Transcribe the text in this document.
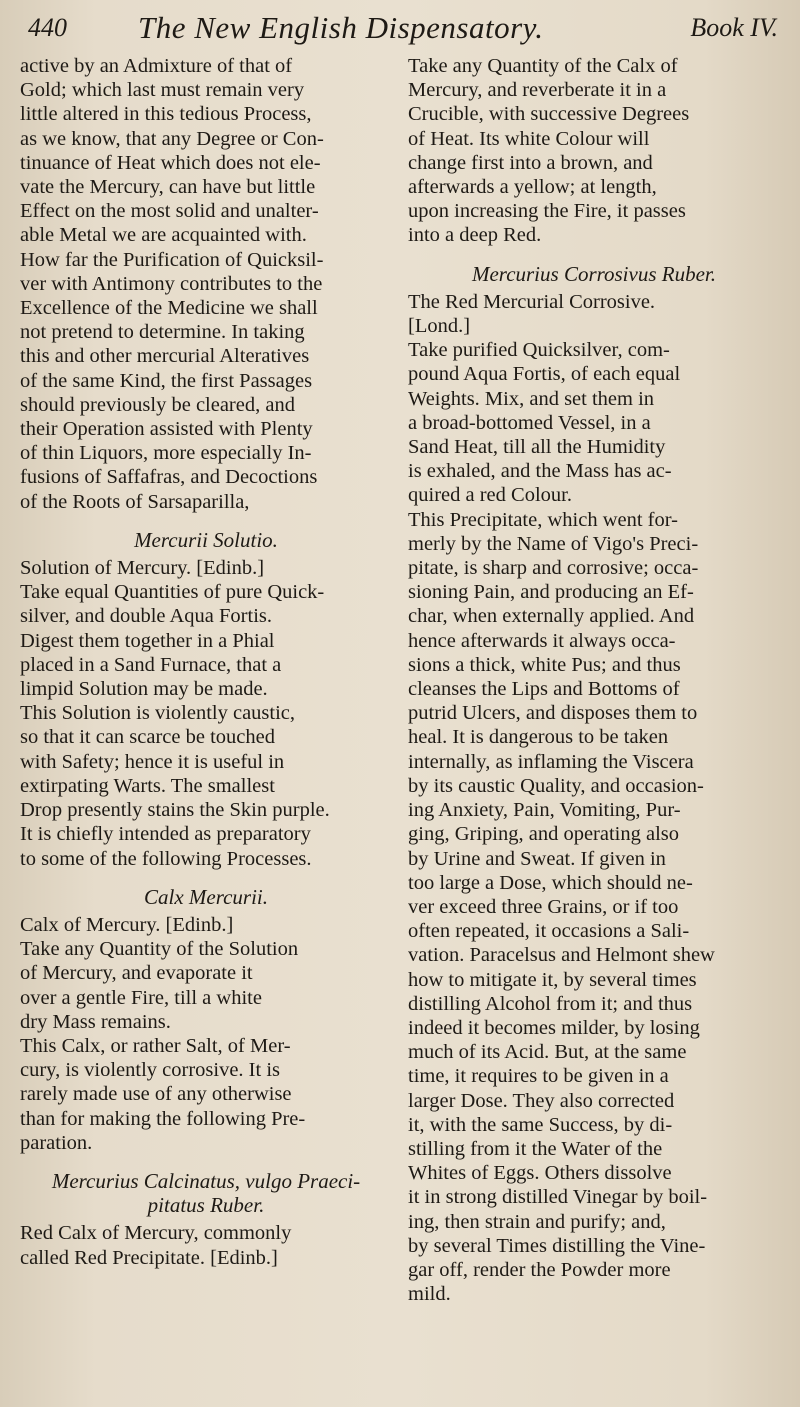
440 The New English Dispensatory.	Book IV.
active by an Admixture of that of
Gold; which last must remain very
little altered in this tedious Process,
as we know, that any Degree or Con-
tinuance of Heat which does not ele-
vate the Mercury, can have but little
Effect on the most solid and unalter-
able Metal we are acquainted with.
How far the Purification of Quicksil-
ver with Antimony contributes to the
Excellence of the Medicine we shall
not pretend to determine. In taking
this and other mercurial Alteratives
of the same Kind, the first Passages
should previously be cleared, and
their Operation assisted with Plenty
of thin Liquors, more especially In-
fusions of Saffafras, and Decoctions
of the Roots of Sarsaparilla,
Mercurii Solutio.
Solution of Mercury. [Edinb.]
Take equal Quantities of pure Quick-
silver, and double Aqua Fortis.
Digest them together in a Phial
placed in a Sand Furnace, that a
limpid Solution may be made.
This Solution is violently caustic,
so that it can scarce be touched
with Safety; hence it is useful in
extirpating Warts. The smallest
Drop presently stains the Skin purple.
It is chiefly intended as preparatory
to some of the following Processes.
Calx Mercurii.
Calx of Mercury. [Edinb.]
Take any Quantity of the Solution
of Mercury, and evaporate it
over a gentle Fire, till a white
dry Mass remains.
This Calx, or rather Salt, of Mer-
cury, is violently corrosive. It is
rarely made use of any otherwise
than for making the following Pre-
paration.
Mercurius Calcinatus, vulgo Praeci-
pitatus Ruber.
Red Calx of Mercury, commonly
called Red Precipitate. [Edinb.]
Take any Quantity of the Calx of
Mercury, and reverberate it in a
Crucible, with successive Degrees
of Heat. Its white Colour will
change first into a brown, and
afterwards a yellow; at length,
upon increasing the Fire, it passes
into a deep Red.
Mercurius Corrosivus Ruber.
The Red Mercurial Corrosive.
[Lond.]
Take purified Quicksilver, com-
pound Aqua Fortis, of each equal
Weights. Mix, and set them in
a broad-bottomed Vessel, in a
Sand Heat, till all the Humidity
is exhaled, and the Mass has ac-
quired a red Colour.
This Precipitate, which went for-
merly by the Name of Vigo's Preci-
pitate, is sharp and corrosive; occa-
sioning Pain, and producing an Ef-
char, when externally applied. And
hence afterwards it always occa-
sions a thick, white Pus; and thus
cleanses the Lips and Bottoms of
putrid Ulcers, and disposes them to
heal. It is dangerous to be taken
internally, as inflaming the Viscera
by its caustic Quality, and occasion-
ing Anxiety, Pain, Vomiting, Pur-
ging, Griping, and operating also
by Urine and Sweat. If given in
too large a Dose, which should ne-
ver exceed three Grains, or if too
often repeated, it occasions a Sali-
vation. Paracelsus and Helmont shew
how to mitigate it, by several times
distilling Alcohol from it; and thus
indeed it becomes milder, by losing
much of its Acid. But, at the same
time, it requires to be given in a
larger Dose. They also corrected
it, with the same Success, by di-
stilling from it the Water of the
Whites of Eggs. Others dissolve
it in strong distilled Vinegar by boil-
ing, then strain and purify; and,
by several Times distilling the Vine-
gar off, render the Powder more
mild.
